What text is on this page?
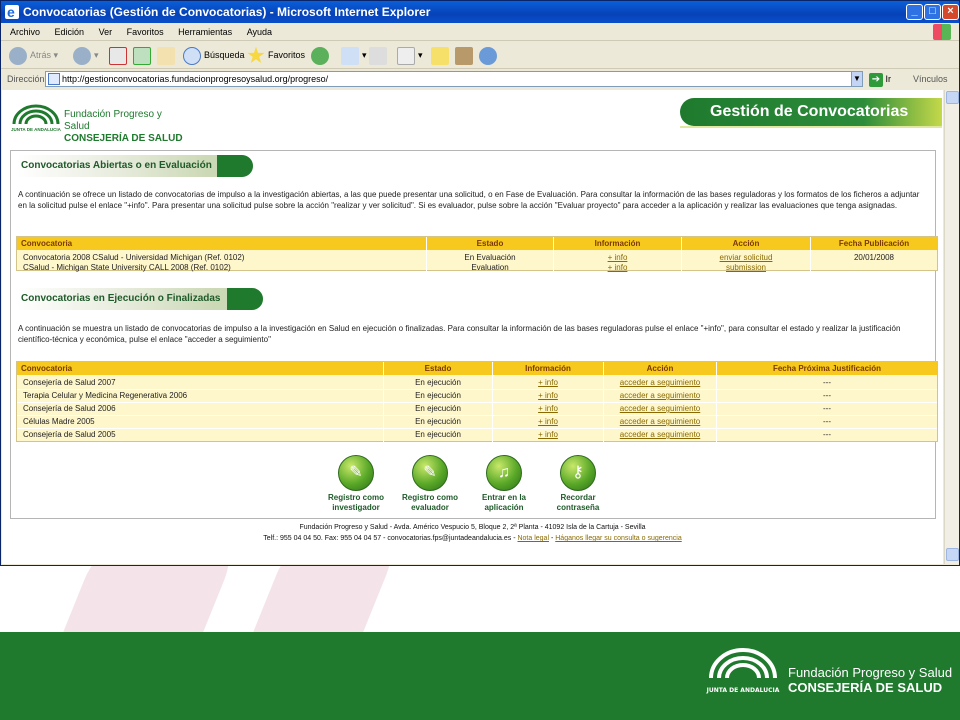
JUNTA DE ANDALUCIA
Fundación Progreso y Salud
CONSEJERÍA DE SALUD
e
Convocatorias (Gestión de Convocatorias) - Microsoft Internet Explorer	_	□	×
Archivo Edición Ver Favoritos Herramientas Ayuda
Atrás ▾	▾	Búsqueda	Favoritos	▾	▾
Dirección	http://gestionconvocatorias.fundacionprogresoysalud.org/progreso/	▼ ➔ Ir Vínculos
JUNTA DE ANDALUCIA
Fundación Progreso y Salud
CONSEJERÍA DE SALUD
Gestión de Convocatorias
Convocatorias Abiertas o en Evaluación
A continuación se ofrece un listado de convocatorias de impulso a la investigación abiertas, a las que puede presentar una solicitud, o en Fase de Evaluación. Para consultar la información de las bases reguladoras y los formatos de los ficheros a adjuntar en la solicitud pulse el enlace "+info". Para presentar una solicitud pulse sobre la acción "realizar y ver solicitud". Si es evaluador, pulse sobre la acción "Evaluar proyecto" para acceder a la aplicación y realizar las evaluaciones que tenga asignadas.
Convocatoria	Estado	Información	Acción	Fecha Publicación
Convocatoria 2008 CSalud - Universidad Michigan (Ref. 0102)	En Evaluación	+ info	enviar solicitud	20/01/2008
CSalud - Michigan State University CALL 2008 (Ref. 0102)	Evaluation	+ info	submission
Convocatorias en Ejecución o Finalizadas
A continuación se muestra un listado de convocatorias de impulso a la investigación en Salud en ejecución o finalizadas. Para consultar la información de las bases reguladoras pulse el enlace "+info", para consultar el estado y realizar la justificación científico-técnica y económica, pulse el enlace "acceder a seguimiento"
Convocatoria	Estado	Información	Acción	Fecha Próxima Justificación
Consejería de Salud 2007	En ejecución	+ info	acceder a seguimiento	---
Terapia Celular y Medicina Regenerativa 2006	En ejecución	+ info	acceder a seguimiento	---
Consejería de Salud 2006	En ejecución	+ info	acceder a seguimiento	---
Células Madre 2005	En ejecución	+ info	acceder a seguimiento	---
Consejería de Salud 2005	En ejecución	+ info	acceder a seguimiento	---
✎
Registro como
investigador
✎
Registro como
evaluador
♫
Entrar en la
aplicación
⚷
Recordar
contraseña
Fundación Progreso y Salud - Avda. Américo Vespucio 5, Bloque 2, 2ª Planta - 41092 Isla de la Cartuja - Sevilla
Telf.: 955 04 04 50. Fax: 955 04 04 57 - convocatorias.fps@juntadeandalucia.es - Nota legal - Háganos llegar su consulta o sugerencia
